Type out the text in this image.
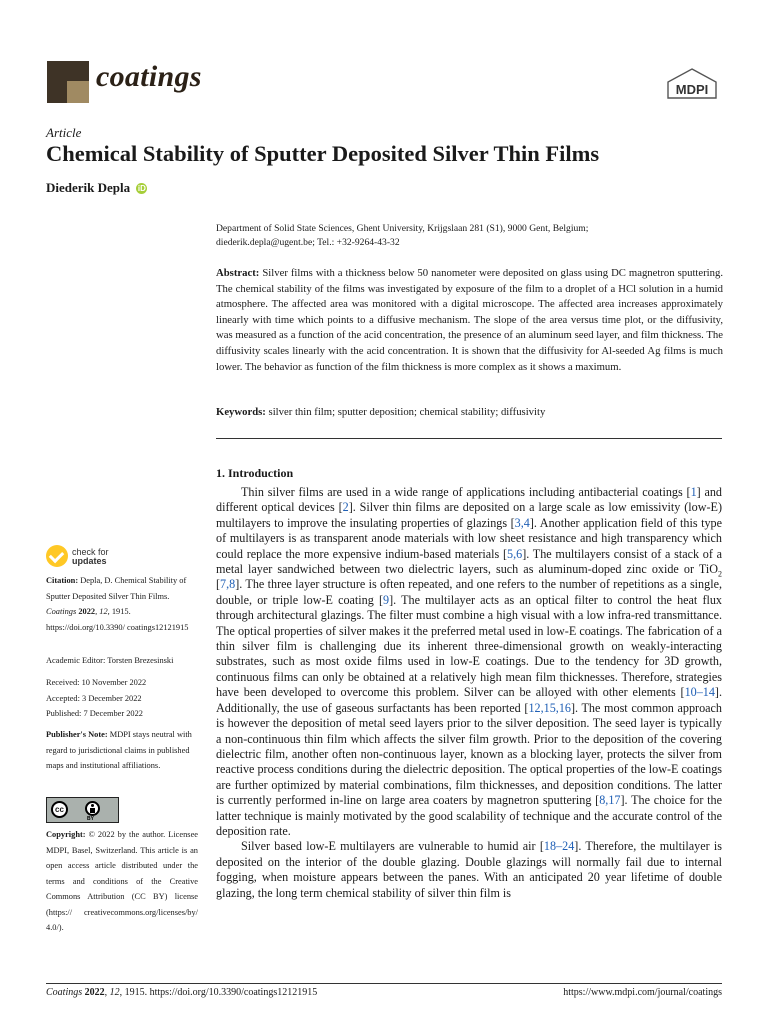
coatings	MDPI
Article
Chemical Stability of Sputter Deposited Silver Thin Films
Diederik Depla iD
Department of Solid State Sciences, Ghent University, Krijgslaan 281 (S1), 9000 Gent, Belgium;
diederik.depla@ugent.be; Tel.: +32-9264-43-32
Abstract: Silver films with a thickness below 50 nanometer were deposited on glass using DC magnetron sputtering. The chemical stability of the films was investigated by exposure of the film to a droplet of a HCl solution in a humid atmosphere. The affected area was monitored with a digital microscope. The affected area increases approximately linearly with time which points to a diffusive mechanism. The slope of the area versus time plot, or the diffusivity, was measured as a function of the acid concentration, the presence of an aluminum seed layer, and film thickness. The diffusivity scales linearly with the acid concentration. It is shown that the diffusivity for Al-seeded Ag films is much lower. The behavior as function of the film thickness is more complex as it shows a maximum.
Keywords: silver thin film; sputter deposition; chemical stability; diffusivity
1. Introduction

Thin silver films are used in a wide range of applications including antibacterial coatings [1] and different optical devices [2]. Silver thin films are deposited on a large scale as low emissivity (low-E) multilayers to improve the insulating properties of glazings [3,4]. Another application field of this type of multilayers is as transparent anode materials with low sheet resistance and high transparency which could replace the more expensive indium-based materials [5,6]. The multilayers consist of a stack of a metal layer sandwiched between two dielectric layers, such as aluminum-doped zinc oxide or TiO$_2$ [7,8]. The three layer structure is often repeated, and one refers to the number of repetitions as a single, double, or triple low-E coating [9]. The multilayer acts as an optical filter to control the heat flux through architectural glazings. The filter must combine a high visual with a low infra-red transmittance. The optical properties of silver makes it the preferred metal used in low-E coatings. The fabrication of a thin silver film is challenging due its inherent three-dimensional growth on weakly-interacting substrates, such as most oxide films used in low-E coatings. Due to the tendency for 3D growth, continuous films can only be obtained at a relatively high mean film thicknesses. Therefore, strategies have been developed to overcome this problem. Silver can be alloyed with other elements [10–14]. Additionally, the use of gaseous surfactants has been reported [12,15,16]. The most common approach is however the deposition of metal seed layers prior to the silver deposition. The seed layer is typically a non-continuous thin film which affects the silver film growth. Prior to the deposition of the covering dielectric film, another often non-continuous layer, known as a blocking layer, protects the silver from reactive process conditions during the dielectric deposition. The optical properties of the low-E coatings are further optimized by material combinations, film thicknesses, and deposition conditions. The latter is currently performed in-line on large area coaters by magnetron sputtering [8,17]. The choice for the latter technique is mainly motivated by the good scalability of technique and the accurate control of the deposition rate.

Silver based low-E multilayers are vulnerable to humid air [18–24]. Therefore, the multilayer is deposited on the interior of the double glazing. Double glazings will normally fail due to internal fogging, when moisture appears between the panes. With an anticipated 20 year lifetime of double glazing, the long term chemical stability of silver thin film is

check for
updates
Citation: Depla, D. Chemical Stability of Sputter Deposited Silver Thin Films. Coatings 2022, 12, 1915. https://doi.org/10.3390/ coatings12121915
Academic Editor: Torsten Brezesinski
Received: 10 November 2022
Accepted: 3 December 2022
Published: 7 December 2022
Publisher's Note: MDPI stays neutral with regard to jurisdictional claims in published maps and institutional affiliations.
cc
BY
Copyright: © 2022 by the author. Licensee MDPI, Basel, Switzerland. This article is an open access article distributed under the terms and conditions of the Creative Commons Attribution (CC BY) license (https:// creativecommons.org/licenses/by/ 4.0/).
Coatings 2022, 12, 1915. https://doi.org/10.3390/coatings12121915	https://www.mdpi.com/journal/coatings
